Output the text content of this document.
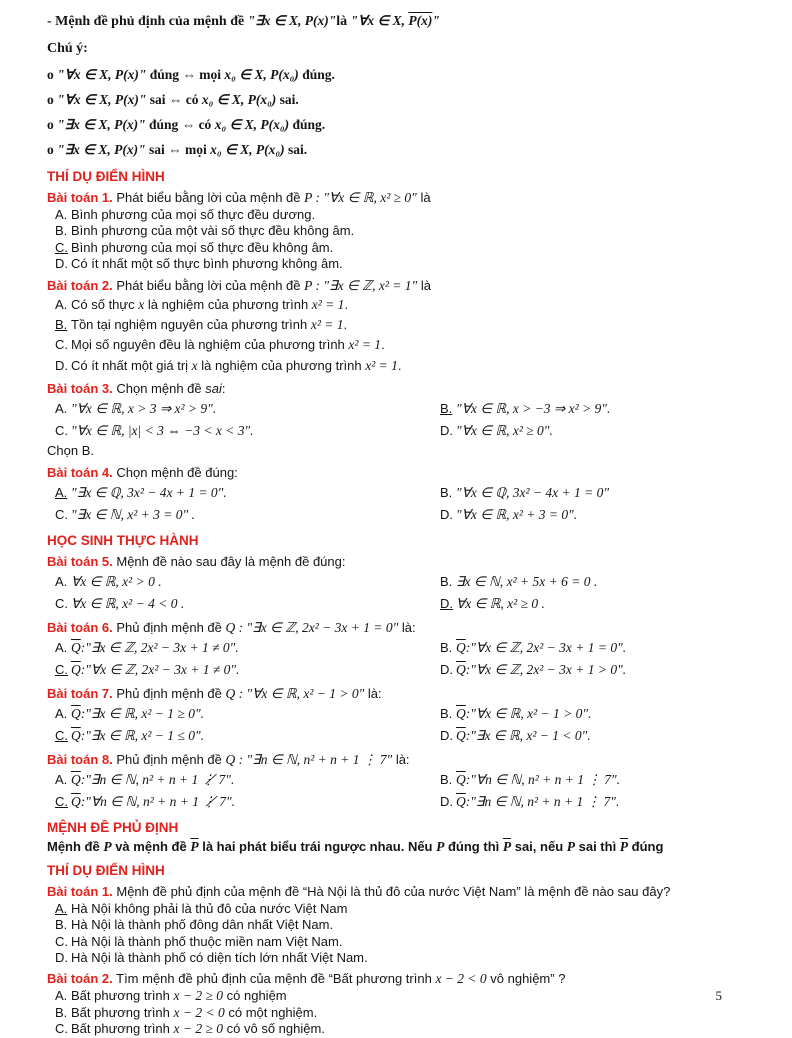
- Mệnh đề phủ định của mệnh đề "∃x ∈ X, P(x)"là "∀x ∈ X, P(x)"
Chú ý:
o "∀x ∈ X, P(x)" đúng ⇔ mọi x₀ ∈ X, P(x₀) đúng.
o "∀x ∈ X, P(x)" sai ⇔ có x₀ ∈ X, P(x₀) sai.
o "∃x ∈ X, P(x)" đúng ⇔ có x₀ ∈ X, P(x₀) đúng.
o "∃x ∈ X, P(x)" sai ⇔ mọi x₀ ∈ X, P(x₀) sai.
THÍ DỤ ĐIỂN HÌNH
Bài toán 1. Phát biểu bằng lời của mệnh đề P : "∀x ∈ ℝ, x² ≥ 0" là
A. Bình phương của mọi số thực đều dương.
B. Bình phương của một vài số thực đều không âm.
C. Bình phương của mọi số thực đều không âm.
D. Có ít nhất một số thực bình phương không âm.
Bài toán 2. Phát biểu bằng lời của mệnh đề P : "∃x ∈ ℤ, x² = 1" là
A. Có số thực x là nghiệm của phương trình x² = 1.
B. Tồn tại nghiệm nguyên của phương trình x² = 1.
C. Mọi số nguyên đều là nghiệm của phương trình x² = 1.
D. Có ít nhất một giá trị x là nghiệm của phương trình x² = 1.
Bài toán 3. Chọn mệnh đề sai:
A. "∀x ∈ ℝ, x > 3 ⇒ x² > 9".	B. "∀x ∈ ℝ, x > −3 ⇒ x² > 9".
C. "∀x ∈ ℝ, |x| < 3 ⇔ −3 < x < 3".	D. "∀x ∈ ℝ, x² ≥ 0".
Chọn B.
Bài toán 4. Chọn mệnh đề đúng:
A. "∃x ∈ ℚ, 3x² − 4x + 1 = 0".	B. "∀x ∈ ℚ, 3x² − 4x + 1 = 0"
C. "∃x ∈ ℕ, x² + 3 = 0" .	D. "∀x ∈ ℝ, x² + 3 = 0".
HỌC SINH THỰC HÀNH
Bài toán 5. Mệnh đề nào sau đây là mệnh đề đúng:
A. ∀x ∈ ℝ, x² > 0 .	B. ∃x ∈ ℕ, x² + 5x + 6 = 0 .
C. ∀x ∈ ℝ, x² − 4 < 0 .	D. ∀x ∈ ℝ, x² ≥ 0 .
Bài toán 6. Phủ định mệnh đề Q : "∃x ∈ ℤ, 2x² − 3x + 1 = 0" là:
A. $\overline{Q}:"\exists x$ ∈ ℤ, 2x² − 3x + 1 ≠ 0".	B. $\overline{Q}:"\forall x$ ∈ ℤ, 2x² − 3x + 1 = 0".
C. $\overline{Q}:"\forall x$ ∈ ℤ, 2x² − 3x + 1 ≠ 0".	D. $\overline{Q}:"\forall x$ ∈ ℤ, 2x² − 3x + 1 > 0".
Bài toán 7. Phủ định mệnh đề Q : "∀x ∈ ℝ, x² − 1 > 0" là:
A. $\overline{Q}:"\exists x$ ∈ ℝ, x² − 1 ≥ 0".	B. $\overline{Q}:"\forall x$ ∈ ℝ, x² − 1 > 0".
C. $\overline{Q}:"\exists x$ ∈ ℝ, x² − 1 ≤ 0".	D. $\overline{Q}:"\exists x$ ∈ ℝ, x² − 1 < 0".
Bài toán 8. Phủ định mệnh đề Q : "∃n ∈ ℕ, n² + n + 1 ⋮ 7" là:
A. $\overline{Q}:"\exists n$ ∈ ℕ, n² + n + 1 ⋮̸ 7".	B. $\overline{Q}:"\forall n$ ∈ ℕ, n² + n + 1 ⋮ 7".
C. $\overline{Q}:"\forall n$ ∈ ℕ, n² + n + 1 ⋮̸ 7".	D. $\overline{Q}:"\exists n$ ∈ ℕ, n² + n + 1 ⋮ 7".
MỆNH ĐỀ PHỦ ĐỊNH
Mệnh đề P và mệnh đề $\overline{P}$ là hai phát biểu trái ngược nhau. Nếu P đúng thì $\overline{P}$ sai, nếu P sai thì $\overline{P}$ đúng
THÍ DỤ ĐIỂN HÌNH
Bài toán 1. Mệnh đề phủ định của mệnh đề “Hà Nội là thủ đô của nước Việt Nam” là mệnh đề nào sau đây?
A. Hà Nội không phải là thủ đô của nước Việt Nam
B. Hà Nội là thành phố đông dân nhất Việt Nam.
C. Hà Nội là thành phố thuộc miền nam Việt Nam.
D. Hà Nội là thành phố có diện tích lớn nhất Việt Nam.
Bài toán 2. Tìm mệnh đề phủ định của mệnh đề “Bất phương trình x − 2 < 0 vô nghiệm” ?
A. Bất phương trình x − 2 ≥ 0 có nghiệm
B. Bất phương trình x − 2 < 0 có một nghiệm.
C. Bất phương trình x − 2 ≥ 0 có vô số nghiệm.
5
